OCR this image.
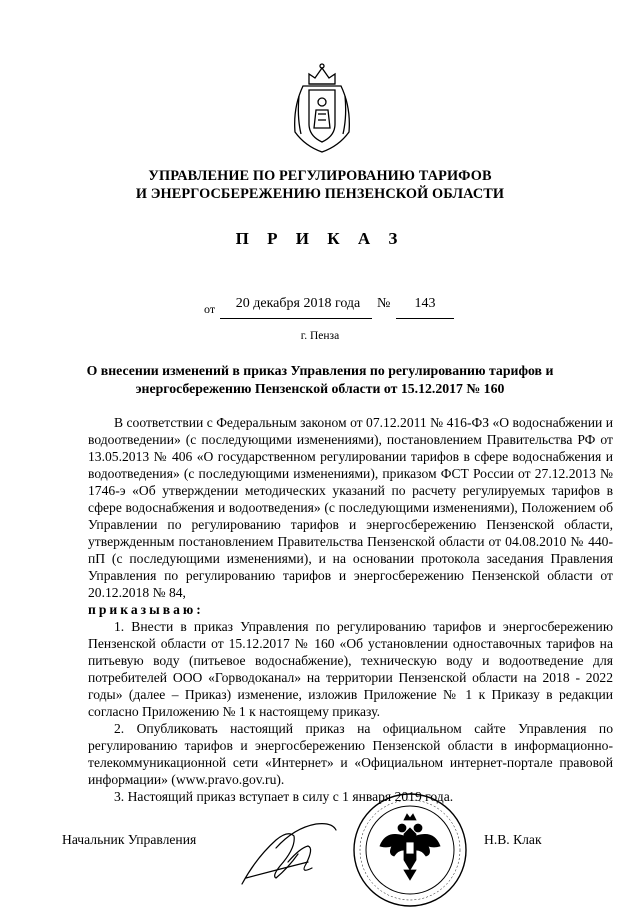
УПРАВЛЕНИЕ ПО РЕГУЛИРОВАНИЮ ТАРИФОВ
И ЭНЕРГОСБЕРЕЖЕНИЮ ПЕНЗЕНСКОЙ ОБЛАСТИ
П Р И К А З
от	20 декабря 2018 года	№	143
г. Пенза
О внесении изменений в приказ Управления по регулированию тарифов и энергосбережению Пензенской области от 15.12.2017 № 160

В соответствии с Федеральным законом от 07.12.2011 № 416-ФЗ «О водоснабжении и водоотведении» (с последующими изменениями), постановлением Правительства РФ от 13.05.2013 № 406 «О государственном регулировании тарифов в сфере водоснабжения и водоотведения» (с последующими изменениями), приказом ФСТ России от 27.12.2013 № 1746-э «Об утверждении методических указаний по расчету регулируемых тарифов в сфере водоснабжения и водоотведения» (с последующими изменениями), Положением об Управлении по регулированию тарифов и энергосбережению Пензенской области, утвержденным постановлением Правительства Пензенской области от 04.08.2010 № 440-пП (с последующими изменениями), и на основании протокола заседания Правления Управления по регулированию тарифов и энергосбережению Пензенской области от 20.12.2018 № 84,

приказываю:

1. Внести в приказ Управления по регулированию тарифов и энергосбережению Пензенской области от 15.12.2017 № 160 «Об установлении одноставочных тарифов на питьевую воду (питьевое водоснабжение), техническую воду и водоотведение для потребителей ООО «Горводоканал» на территории Пензенской области на 2018 - 2022 годы» (далее – Приказ) изменение, изложив Приложение № 1 к Приказу в редакции согласно Приложению № 1 к настоящему приказу.

2. Опубликовать настоящий приказ на официальном сайте Управления по регулированию тарифов и энергосбережению Пензенской области в информационно-телекоммуникационной сети «Интернет» и «Официальном интернет-портале правовой информации» (www.pravo.gov.ru).

3. Настоящий приказ вступает в силу с 1 января 2019 года.

Начальник Управления	Н.В. Клак
